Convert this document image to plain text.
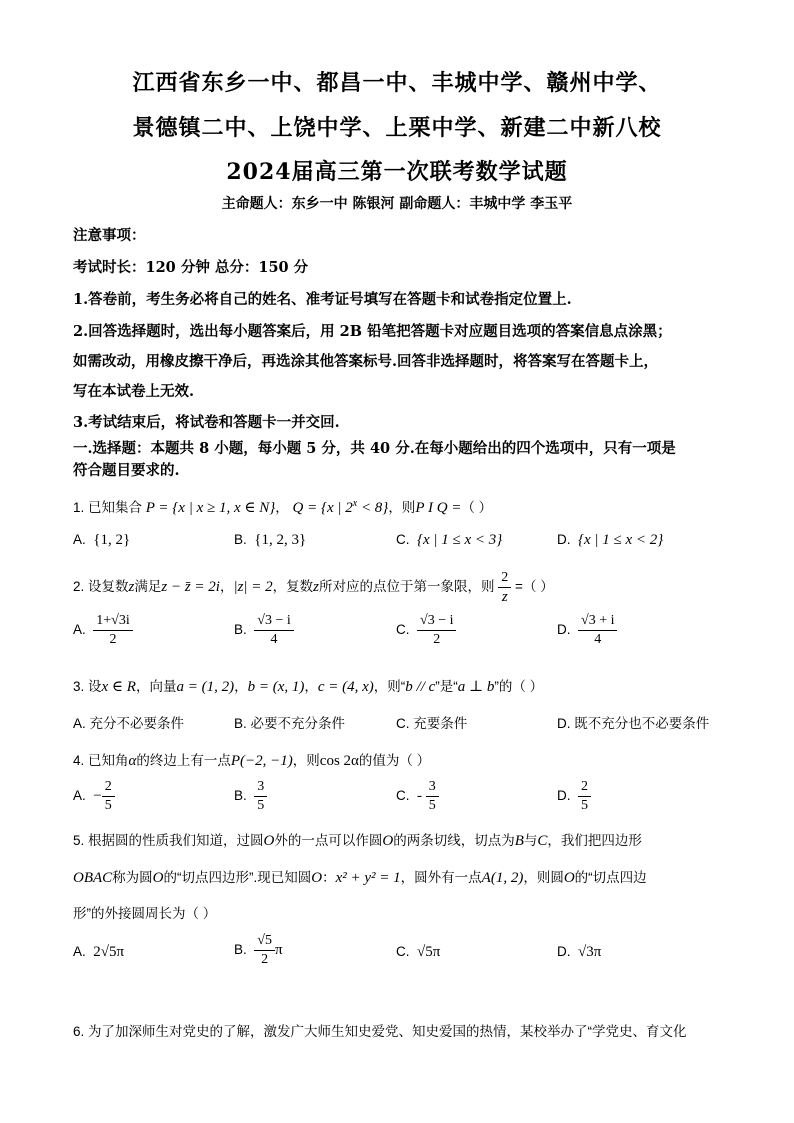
江西省东乡一中、都昌一中、丰城中学、赣州中学、
景德镇二中、上饶中学、上栗中学、新建二中新八校
2024届高三第一次联考数学试题
主命题人：东乡一中 陈银河 副命题人：丰城中学 李玉平
注意事项：
考试时长：120 分钟 总分：150 分
1.答卷前，考生务必将自己的姓名、准考证号填写在答题卡和试卷指定位置上.
2.回答选择题时，选出每小题答案后，用 2B 铅笔把答题卡对应题目选项的答案信息点涂黑；
如需改动，用橡皮擦干净后，再选涂其他答案标号.回答非选择题时，将答案写在答题卡上，
写在本试卷上无效.
3.考试结束后，将试卷和答题卡一并交回.
一.选择题：本题共 8 小题，每小题 5 分，共 40 分.在每小题给出的四个选项中，只有一项是
符合题目要求的.
1. 已知集合 P = {x | x ≥ 1, x ∈ N}， Q = {x | $2^x < 8$}，则P I Q =（ ）
A. {1, 2}	B. {1, 2, 3}	C. {x | 1 ≤ x < 3}	D. {x | 1 ≤ x < 2}
2. 设复数z满足z − z̄ = 2i，|z| = 2，复数z所对应的点位于第一象限，则 $\frac{2}{z}$ =（ ）
A. $\frac{1+√3i}{2}$	B. $\frac{√3 - i}{4}$	C. $\frac{√3 - i}{2}$	D. $\frac{√3 + i}{4}$
3. 设x ∈ R，向量a = (1, 2)，b = (x, 1)，c = (4, x)，则“b // c”是“a ⊥ b”的（ ）
A. 充分不必要条件	B. 必要不充分条件	C. 充要条件	D. 既不充分也不必要条件
4. 已知角α的终边上有一点P(−2, −1)，则cos 2α的值为（ ）
A. − $\frac{2}{5}$	B. $\frac{3}{5}$	C. - $\frac{3}{5}$	D. $\frac{2}{5}$
5. 根据圆的性质我们知道，过圆O外的一点可以作圆O的两条切线，切点为B与C，我们把四边形
OBAC称为圆O的“切点四边形”.现已知圆O：x² + y² = 1，圆外有一点A(1, 2)，则圆O的“切点四边
形”的外接圆周长为（ ）
A. 2√5π	B. $\frac{√5}{2}$ π	C. √5π	D. √3π
6. 为了加深师生对党史的了解，激发广大师生知史爱党、知史爱国的热情，某校举办了“学党史、育文化
